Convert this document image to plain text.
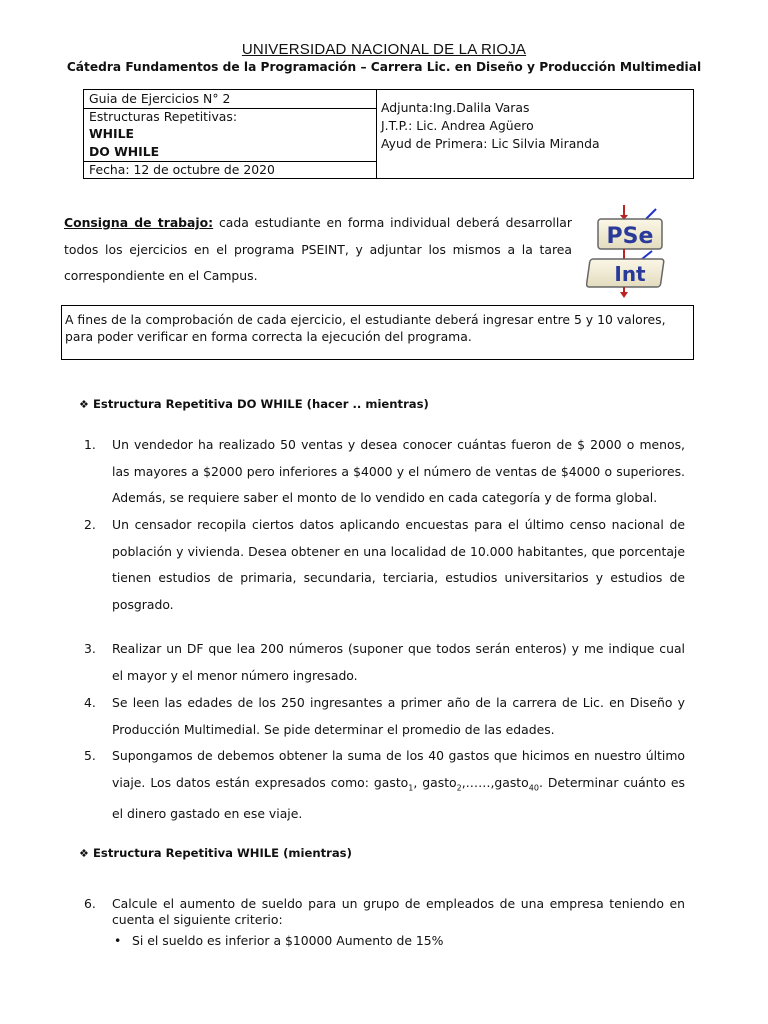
UNIVERSIDAD NACIONAL DE LA RIOJA
Cátedra Fundamentos de la Programación – Carrera Lic. en Diseño y Producción Multimedial
Guia de Ejercicios N° 2
Estructuras Repetitivas:
WHILE
DO WHILE
Fecha: 12 de octubre de 2020
Adjunta:Ing.Dalila Varas
J.T.P.: Lic. Andrea Agüero
Ayud de Primera: Lic Silvia Miranda
Consigna de trabajo: cada estudiante en forma individual deberá desarrollar todos los ejercicios en el programa PSEINT, y adjuntar los mismos a la tarea correspondiente en el Campus.
PSe
Int
A fines de la comprobación de cada ejercicio, el estudiante deberá ingresar entre 5 y 10 valores, para poder verificar en forma correcta la ejecución del programa.
❖ Estructura Repetitiva DO WHILE (hacer .. mientras)
1.	Un vendedor ha realizado 50 ventas y desea conocer cuántas fueron de $ 2000 o menos, las mayores a $2000 pero inferiores a $4000 y el número de ventas de $4000 o superiores. Además, se requiere saber el monto de lo vendido en cada categoría y de forma global.
2.	Un censador recopila ciertos datos aplicando encuestas para el último censo nacional de población y vivienda. Desea obtener en una localidad de 10.000 habitantes, que porcentaje tienen estudios de primaria, secundaria, terciaria, estudios universitarios y estudios de posgrado.
3.	Realizar un DF que lea 200 números (suponer que todos serán enteros) y me indique cual el mayor y el menor número ingresado.
4.	Se leen las edades de los 250 ingresantes a primer año de la carrera de Lic. en Diseño y Producción Multimedial. Se pide determinar el promedio de las edades.
5.	Supongamos de debemos obtener la suma de los 40 gastos que hicimos en nuestro último viaje. Los datos están expresados como: gasto$_1$, gasto$_2$,……,gasto$_{40}$. Determinar cuánto es el dinero gastado en ese viaje.
❖ Estructura Repetitiva WHILE (mientras)
6.	Calcule el aumento de sueldo para un grupo de empleados de una empresa teniendo en cuenta el siguiente criterio:
• Si el sueldo es inferior a $10000 Aumento de 15%
